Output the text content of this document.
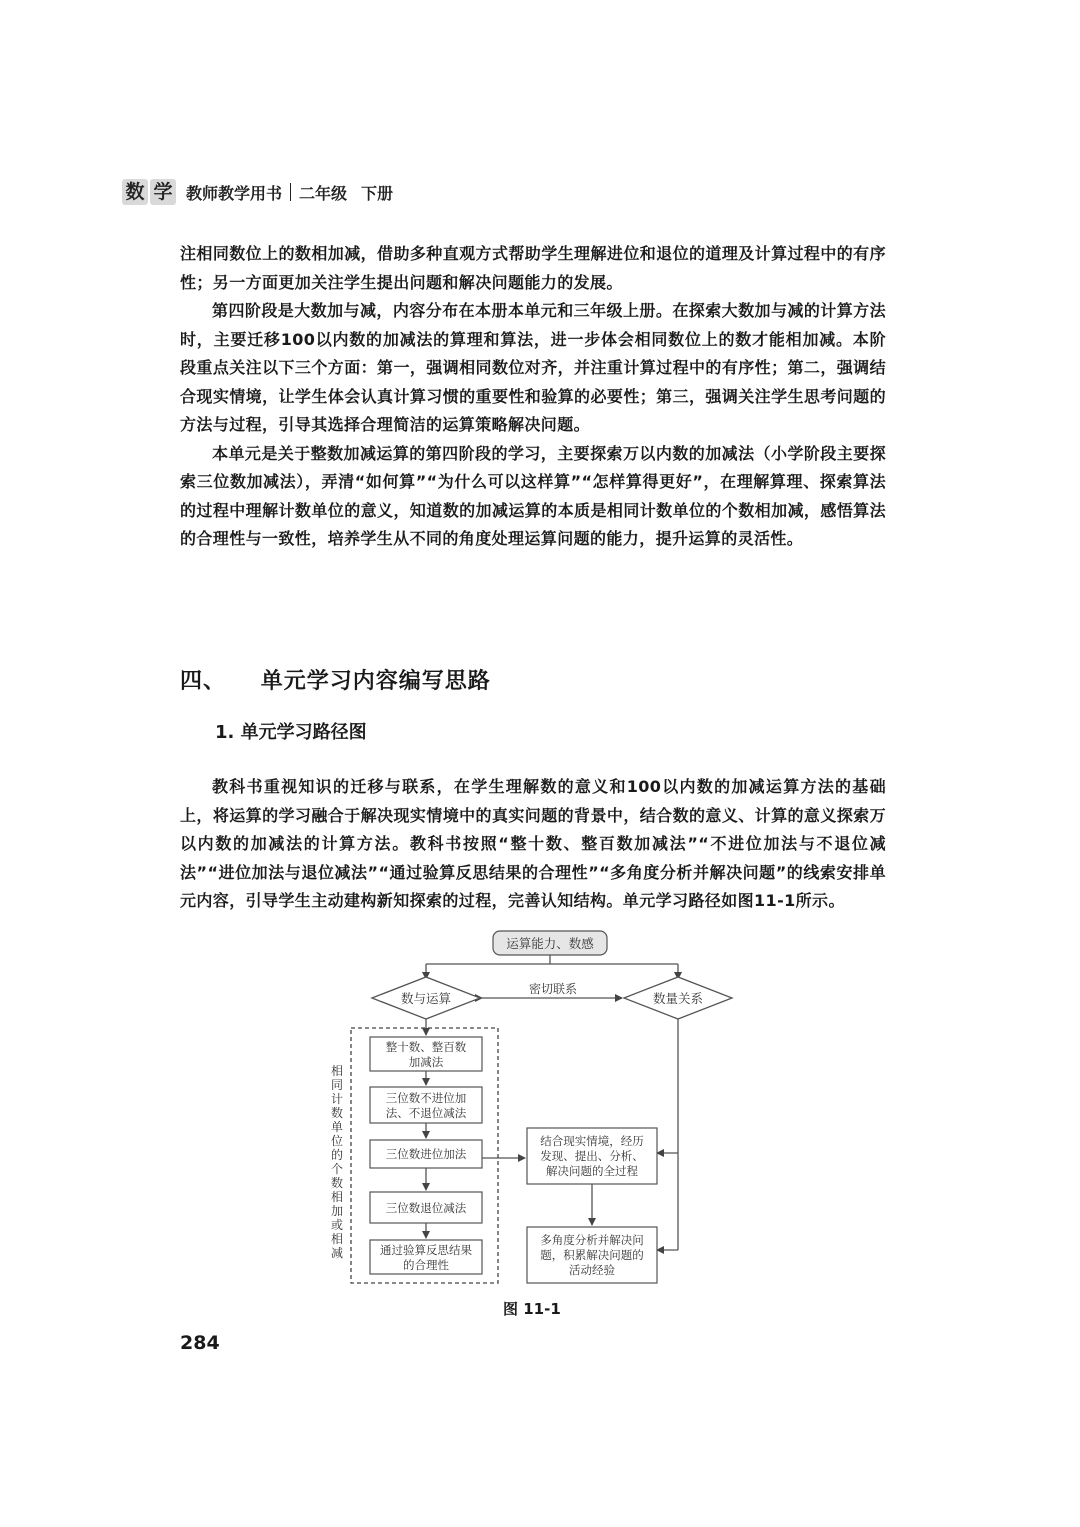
数 学 教师教学用书 二年级 下册

注相同数位上的数相加减，借助多种直观方式帮助学生理解进位和退位的道理及计算过程中的有序性；另一方面更加关注学生提出问题和解决问题能力的发展。

第四阶段是大数加与减，内容分布在本册本单元和三年级上册。在探索大数加与减的计算方法时，主要迁移100以内数的加减法的算理和算法，进一步体会相同数位上的数才能相加减。本阶段重点关注以下三个方面：第一，强调相同数位对齐，并注重计算过程中的有序性；第二，强调结合现实情境，让学生体会认真计算习惯的重要性和验算的必要性；第三，强调关注学生思考问题的方法与过程，引导其选择合理简洁的运算策略解决问题。

本单元是关于整数加减运算的第四阶段的学习，主要探索万以内数的加减法（小学阶段主要探索三位数加减法），弄清“如何算”“为什么可以这样算”“怎样算得更好”，在理解算理、探索算法的过程中理解计数单位的意义，知道数的加减运算的本质是相同计数单位的个数相加减，感悟算法的合理性与一致性，培养学生从不同的角度处理运算问题的能力，提升运算的灵活性。

四、 单元学习内容编写思路
1. 单元学习路径图

教科书重视知识的迁移与联系，在学生理解数的意义和100以内数的加减运算方法的基础上，将运算的学习融合于解决现实情境中的真实问题的背景中，结合数的意义、计算的意义探索万以内数的加减法的计算方法。教科书按照“整十数、整百数加减法”“不进位加法与不退位减法”“进位加法与退位减法”“通过验算反思结果的合理性”“多角度分析并解决问题”的线索安排单元内容，引导学生主动建构新知探索的过程，完善认知结构。单元学习路径如图11-1所示。

运算能力、数感
数与运算	数量关系
密切联系
相
同
计
数
单
位
的
个
数
相
加
或
相
减
整十数、整百数
加减法
三位数不进位加
法、不退位减法
三位数进位加法
三位数退位减法
通过验算反思结果
的合理性
结合现实情境，经历
发现、提出、分析、
解决问题的全过程
多角度分析并解决问
题，积累解决问题的
活动经验
图 11-1
284
